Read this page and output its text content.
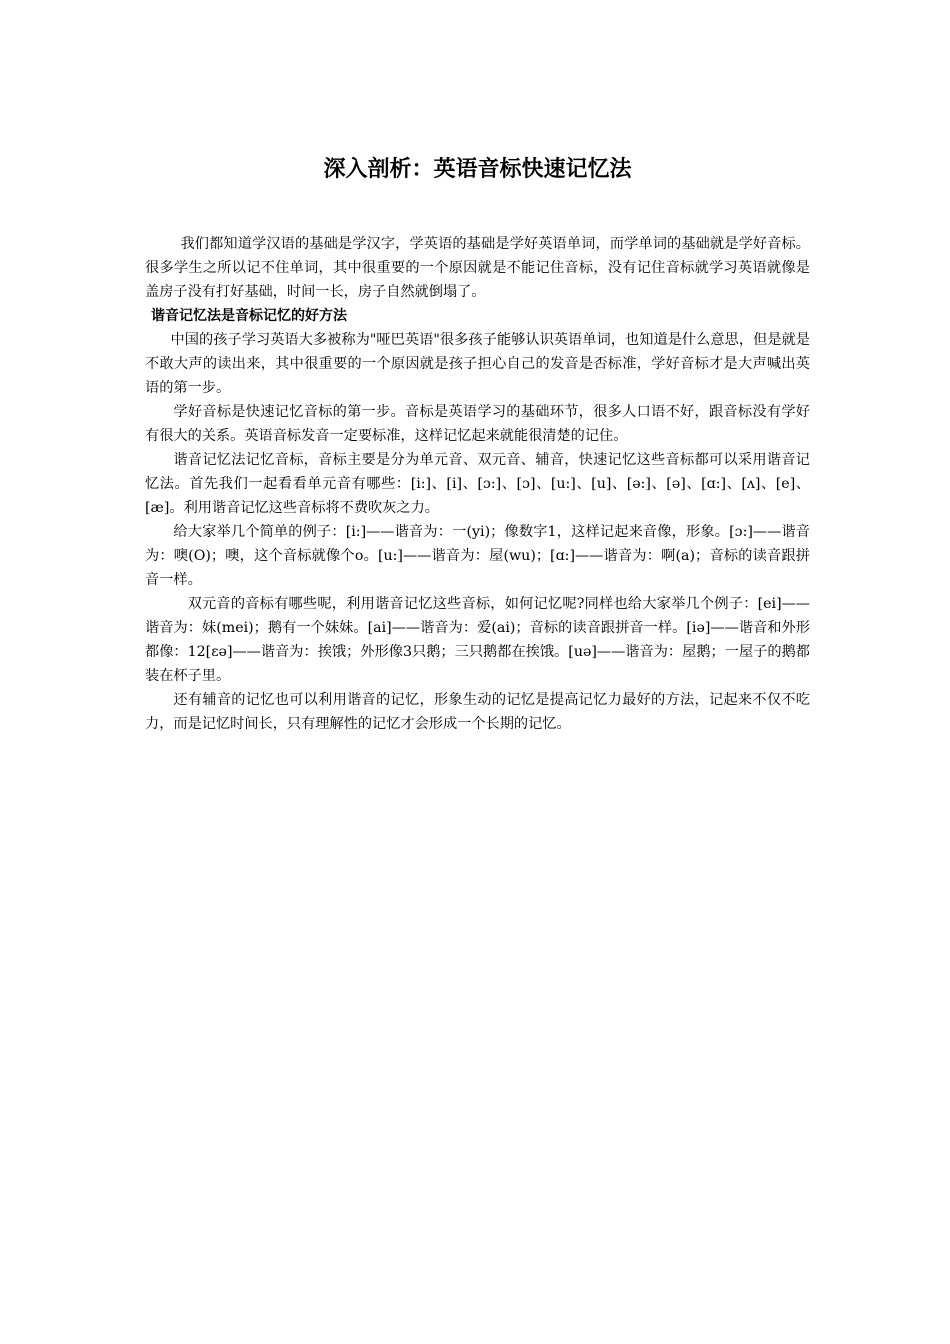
深入剖析：英语音标快速记忆法

我们都知道学汉语的基础是学汉字，学英语的基础是学好英语单词，而学单词的基础就是学好音标。很多学生之所以记不住单词，其中很重要的一个原因就是不能记住音标，没有记住音标就学习英语就像是盖房子没有打好基础，时间一长，房子自然就倒塌了。

谐音记忆法是音标记忆的好方法

中国的孩子学习英语大多被称为"哑巴英语"很多孩子能够认识英语单词，也知道是什么意思，但是就是不敢大声的读出来，其中很重要的一个原因就是孩子担心自己的发音是否标准，学好音标才是大声喊出英语的第一步。

学好音标是快速记忆音标的第一步。音标是英语学习的基础环节，很多人口语不好，跟音标没有学好有很大的关系。英语音标发音一定要标准，这样记忆起来就能很清楚的记住。

谐音记忆法记忆音标，音标主要是分为单元音、双元音、辅音，快速记忆这些音标都可以采用谐音记忆法。首先我们一起看看单元音有哪些：[i:]、[i]、[ɔ:]、[ɔ]、[u:]、[u]、[ə:]、[ə]、[ɑ:]、[ʌ]、[e]、[æ]。利用谐音记忆这些音标将不费吹灰之力。

给大家举几个简单的例子：[i:]——谐音为：一(yi)；像数字1，这样记起来音像，形象。[ɔ:]——谐音为：噢(O)；噢，这个音标就像个o。[u:]——谐音为：屋(wu)；[ɑ:]——谐音为：啊(a)；音标的读音跟拼音一样。

双元音的音标有哪些呢，利用谐音记忆这些音标，如何记忆呢?同样也给大家举几个例子：[ei]——谐音为：妹(mei)；鹅有一个妹妹。[ai]——谐音为：爱(ai)；音标的读音跟拼音一样。[iə]——谐音和外形都像：12[ɛə]——谐音为：挨饿；外形像3只鹅；三只鹅都在挨饿。[uə]——谐音为：屋鹅；一屋子的鹅都装在杯子里。

还有辅音的记忆也可以利用谐音的记忆，形象生动的记忆是提高记忆力最好的方法，记起来不仅不吃力，而是记忆时间长，只有理解性的记忆才会形成一个长期的记忆。
